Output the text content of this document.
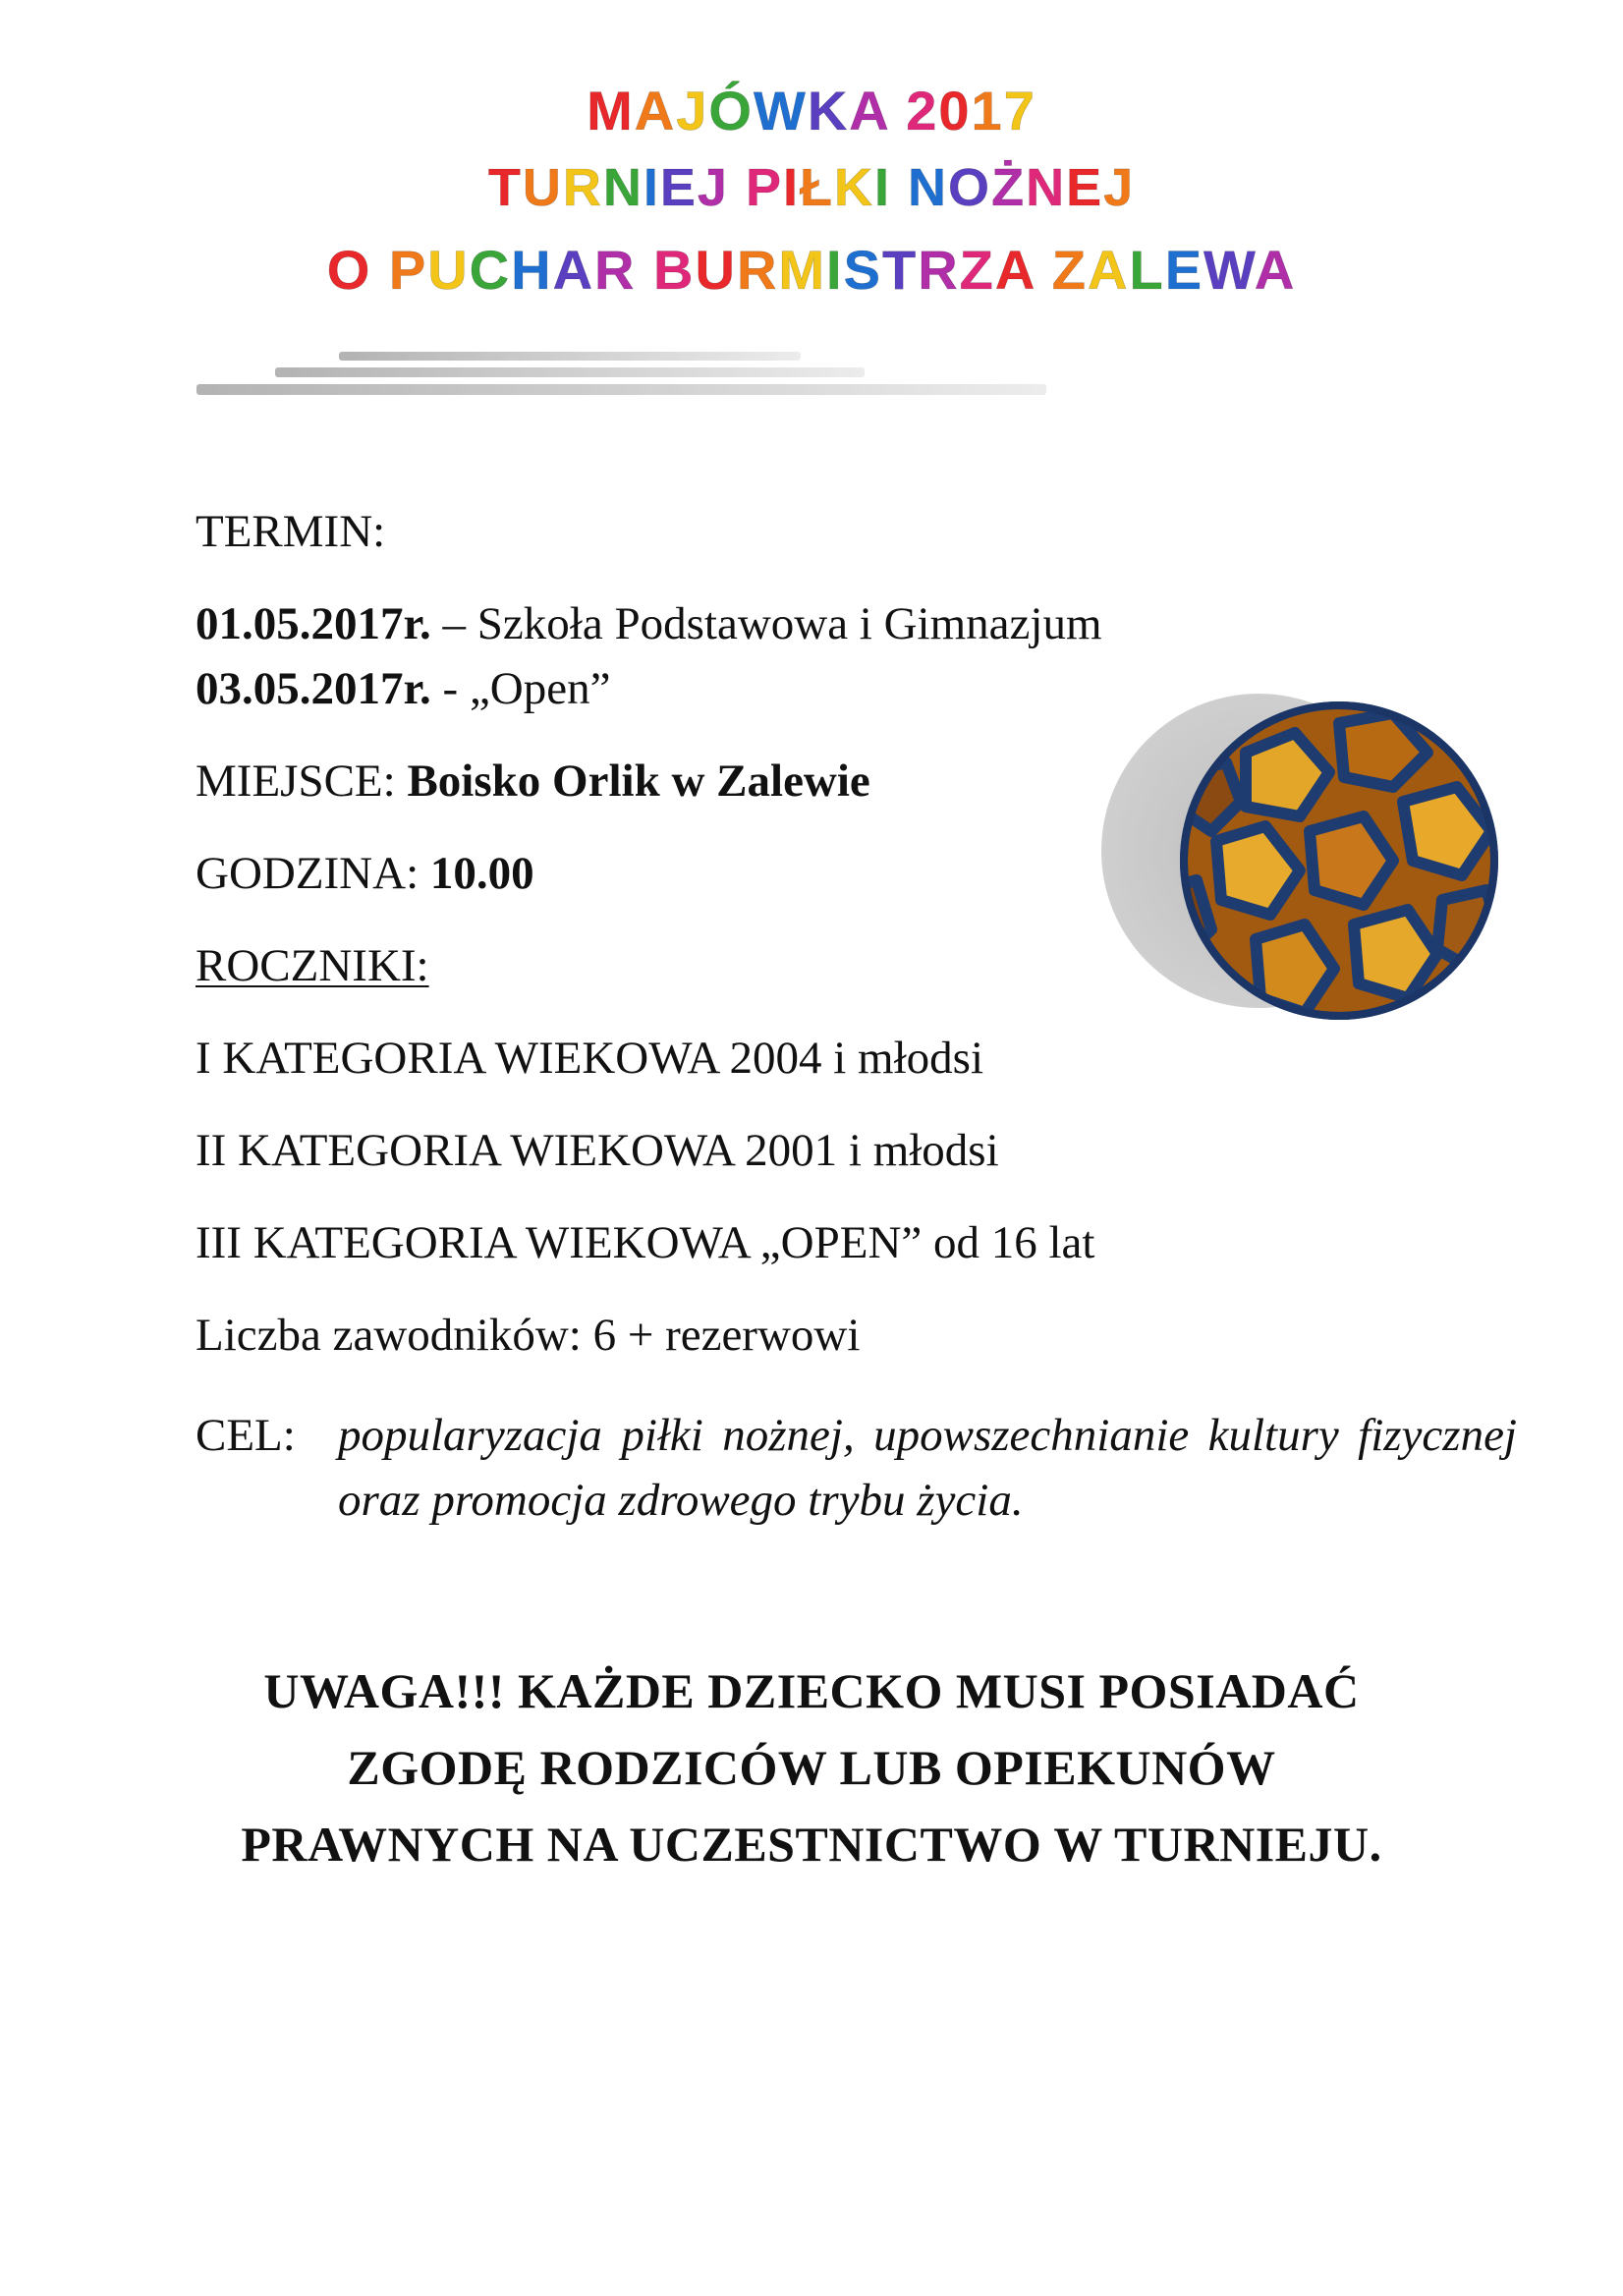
MAJÓWKA 2017
TURNIEJ PIŁKI NOŻNEJ
O PUCHAR BURMISTRZA ZALEWA
TERMIN:
01.05.2017r. – Szkoła Podstawowa i Gimnazjum
03.05.2017r. - „Open”
MIEJSCE: Boisko Orlik w Zalewie
GODZINA: 10.00
ROCZNIKI:
I KATEGORIA WIEKOWA 2004 i młodsi
II KATEGORIA WIEKOWA 2001 i młodsi
III KATEGORIA WIEKOWA „OPEN” od 16 lat
Liczba zawodników: 6 + rezerwowi
CEL: popularyzacja piłki nożnej, upowszechnianie kultury fizycznej oraz promocja zdrowego trybu życia.
UWAGA!!! KAŻDE DZIECKO MUSI POSIADAĆ
ZGODĘ RODZICÓW LUB OPIEKUNÓW
PRAWNYCH NA UCZESTNICTWO W TURNIEJU.
